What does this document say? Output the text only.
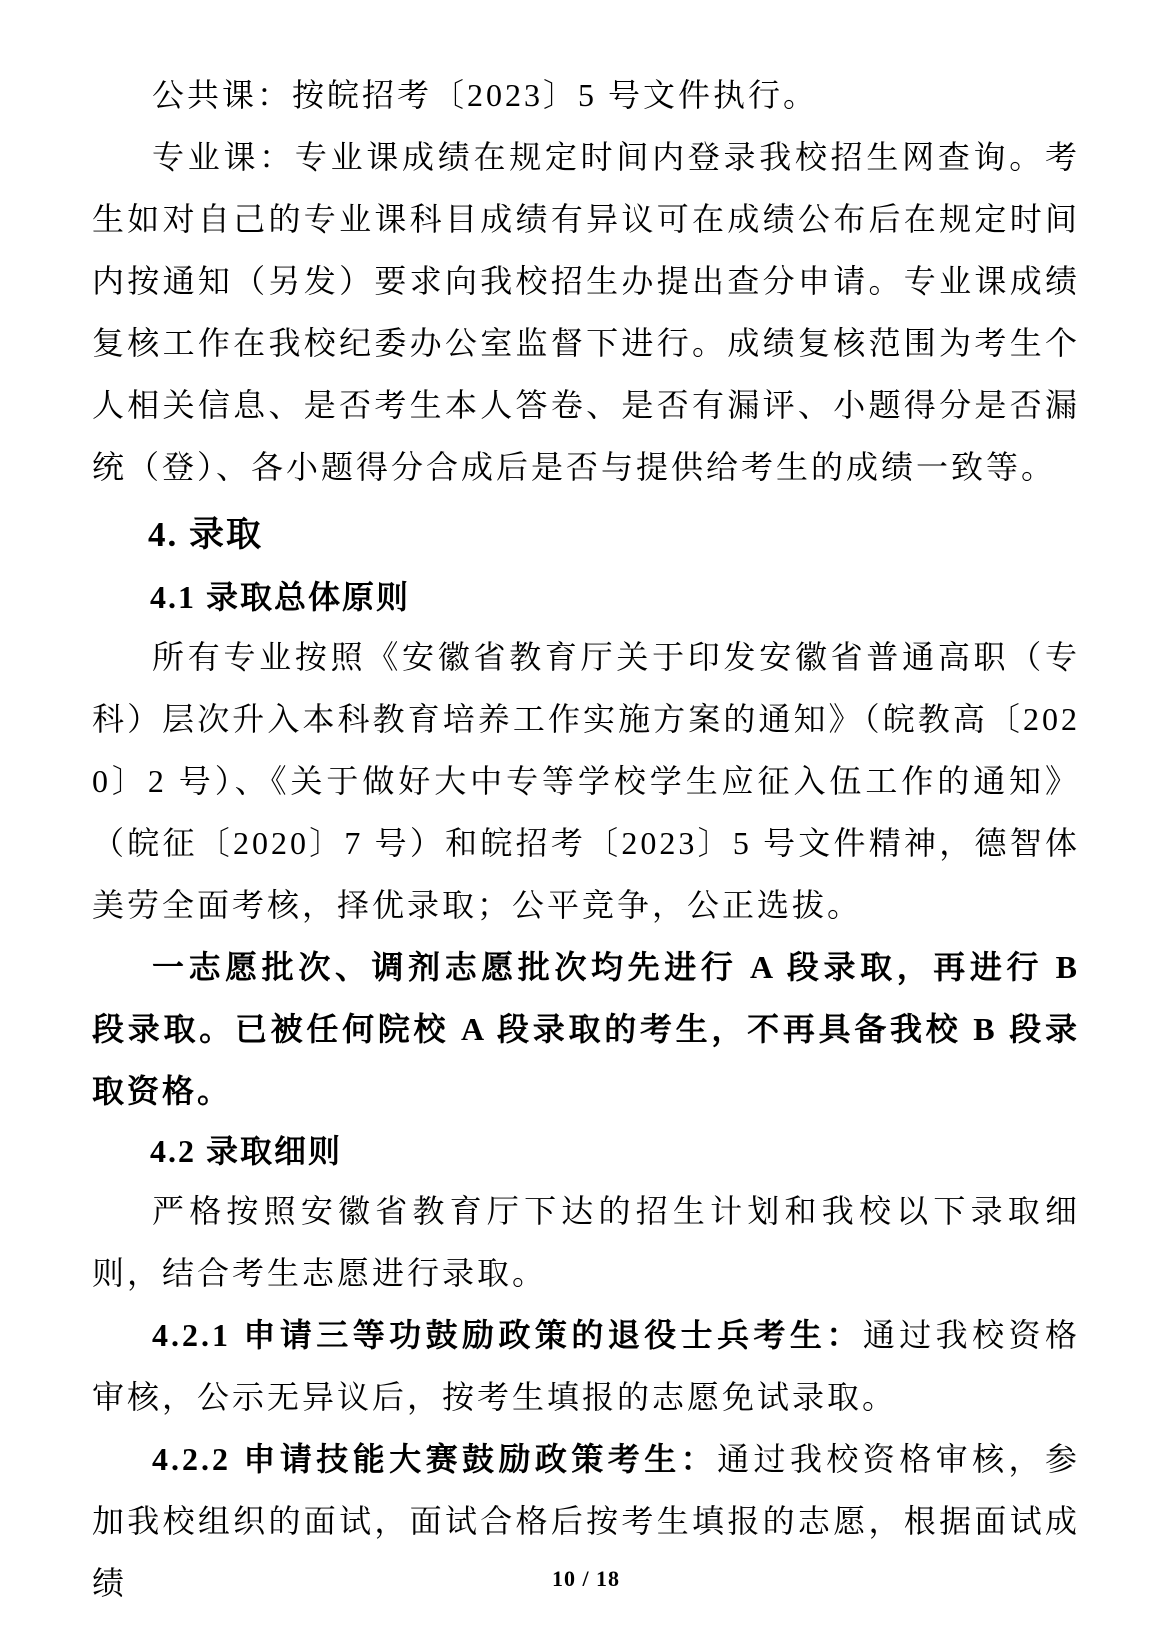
公共课：按皖招考〔2023〕5 号文件执行。

专业课：专业课成绩在规定时间内登录我校招生网查询。考生如对自己的专业课科目成绩有异议可在成绩公布后在规定时间内按通知（另发）要求向我校招生办提出查分申请。专业课成绩复核工作在我校纪委办公室监督下进行。成绩复核范围为考生个人相关信息、是否考生本人答卷、是否有漏评、小题得分是否漏统（登）、各小题得分合成后是否与提供给考生的成绩一致等。

4. 录取
4.1 录取总体原则

所有专业按照《安徽省教育厅关于印发安徽省普通高职（专科）层次升入本科教育培养工作实施方案的通知》（皖教高〔2020〕2 号）、《关于做好大中专等学校学生应征入伍工作的通知》（皖征〔2020〕7 号）和皖招考〔2023〕5 号文件精神，德智体美劳全面考核，择优录取；公平竞争，公正选拔。

一志愿批次、调剂志愿批次均先进行 A 段录取，再进行 B 段录取。已被任何院校 A 段录取的考生，不再具备我校 B 段录取资格。

4.2 录取细则

严格按照安徽省教育厅下达的招生计划和我校以下录取细则，结合考生志愿进行录取。

4.2.1 申请三等功鼓励政策的退役士兵考生：通过我校资格审核，公示无异议后，按考生填报的志愿免试录取。

4.2.2 申请技能大赛鼓励政策考生：通过我校资格审核，参加我校组织的面试，面试合格后按考生填报的志愿，根据面试成绩	10 / 18
